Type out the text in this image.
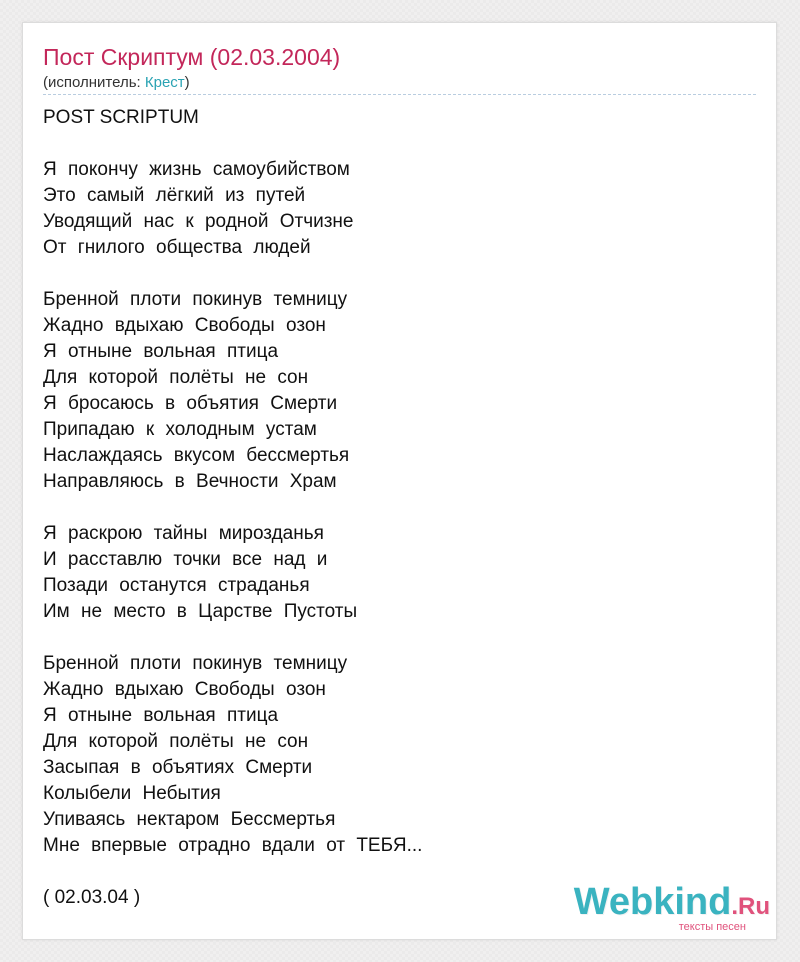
Пост Скриптум (02.03.2004)
(исполнитель: Крест)
POST SCRIPTUM
Я покончу жизнь самоубийством
Это самый лёгкий из путей
Уводящий нас к родной Отчизне
От гнилого общества людей
Бренной плоти покинув темницу
Жадно вдыхаю Свободы озон
Я отныне вольная птица
Для которой полёты не сон
Я бросаюсь в объятия Смерти
Припадаю к холодным устам
Наслаждаясь вкусом бессмертья
Направляюсь в Вечности Храм
Я раскрою тайны мирозданья
И расставлю точки все над и
Позади останутся страданья
Им не место в Царстве Пустоты
Бренной плоти покинув темницу
Жадно вдыхаю Свободы озон
Я отныне вольная птица
Для которой полёты не сон
Засыпая в объятиях Смерти
Колыбели Небытия
Упиваясь нектаром Бессмертья
Мне впервые отрадно вдали от ТЕБЯ...
( 02.03.04 )	Webkind.Ru
тексты песен
